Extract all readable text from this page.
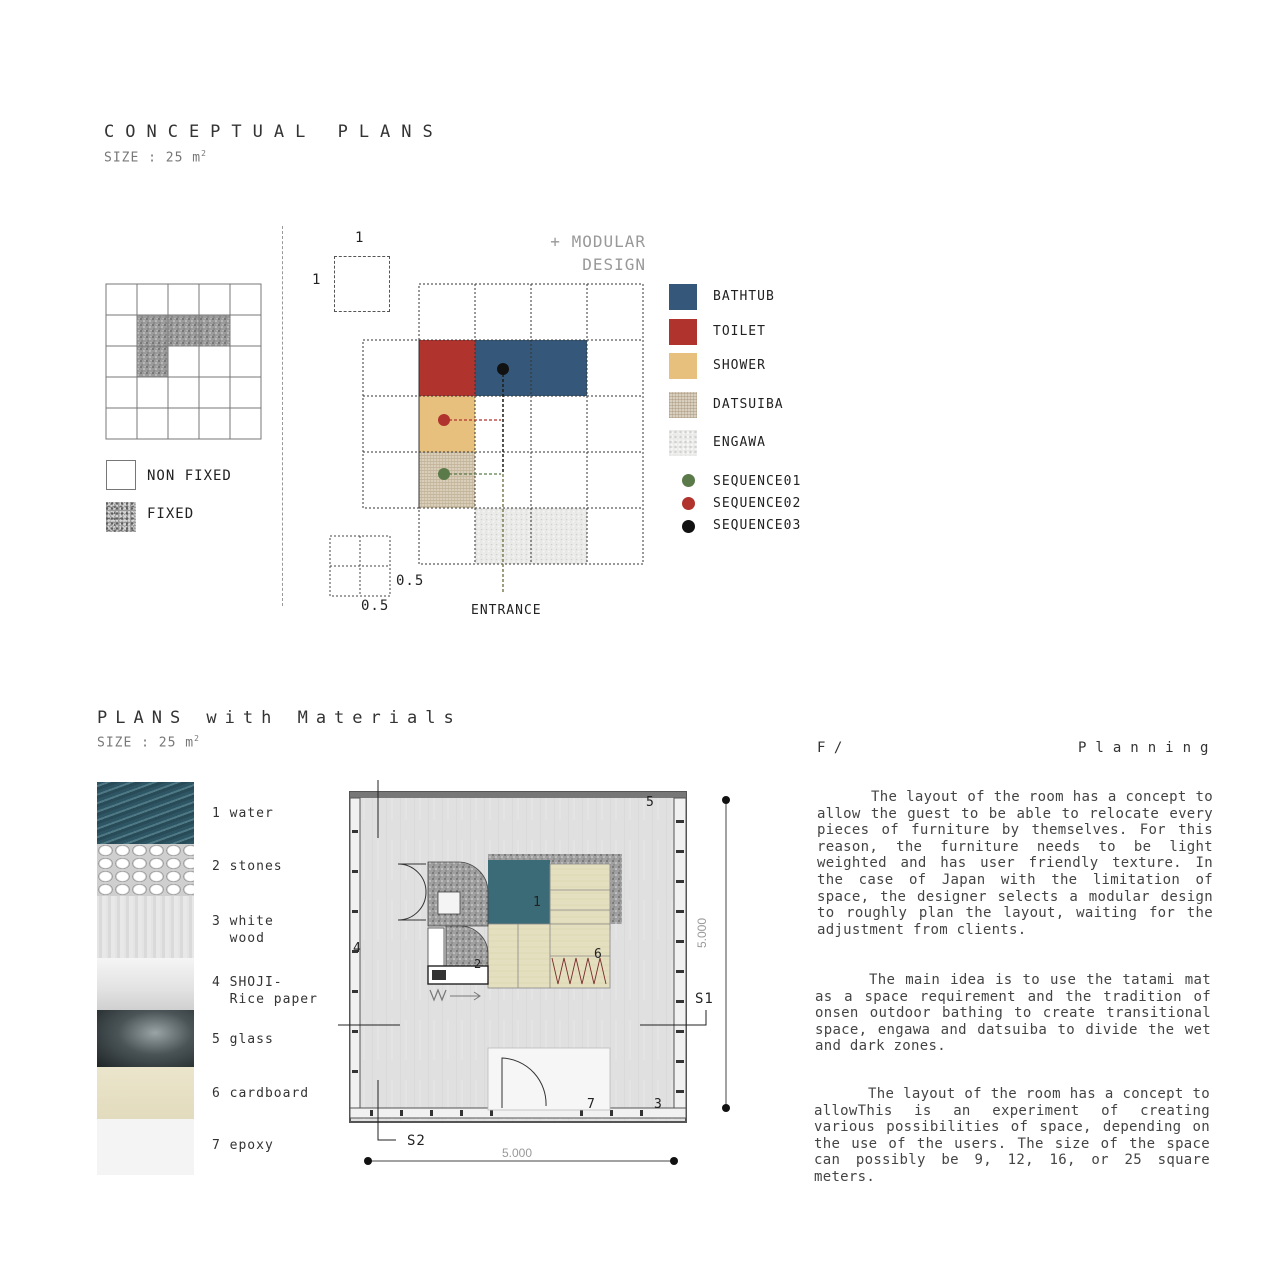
CONCEPTUAL PLANS
SIZE : 25 $m^2$
NON FIXED
FIXED
1
1
+ MODULAR
DESIGN
0.5
0.5	ENTRANCE
BATHTUB
TOILET
SHOWER
DATSUIBA
ENGAWA
SEQUENCE01
SEQUENCE02
SEQUENCE03
PLANS with Materials
SIZE : 25 $m^2$
1 water
2 stones
3 white
wood
4 SHOJI-
Rice paper
5 glass
6 cardboard
7 epoxy
1
2
3
4
5
6
7
S1
S2
5.000
5.000
F /	Planning
The layout of the room has a concept to allow the guest to be able to relocate every pieces of furniture by themselves. For this reason, the furniture needs to be light weighted and has user friendly texture. In the case of Japan with the limitation of space, the designer selects a modular design to roughly plan the layout, waiting for the adjustment from clients.
The main idea is to use the tatami mat as a space requirement and the tradition of onsen outdoor bathing to create transitional space, engawa and datsuiba to divide the wet and dark zones.
The layout of the room has a concept to allowThis is an experiment of creating various possibilities of space, depending on the use of the users. The size of the space can possibly be 9, 12, 16, or 25 square meters.
